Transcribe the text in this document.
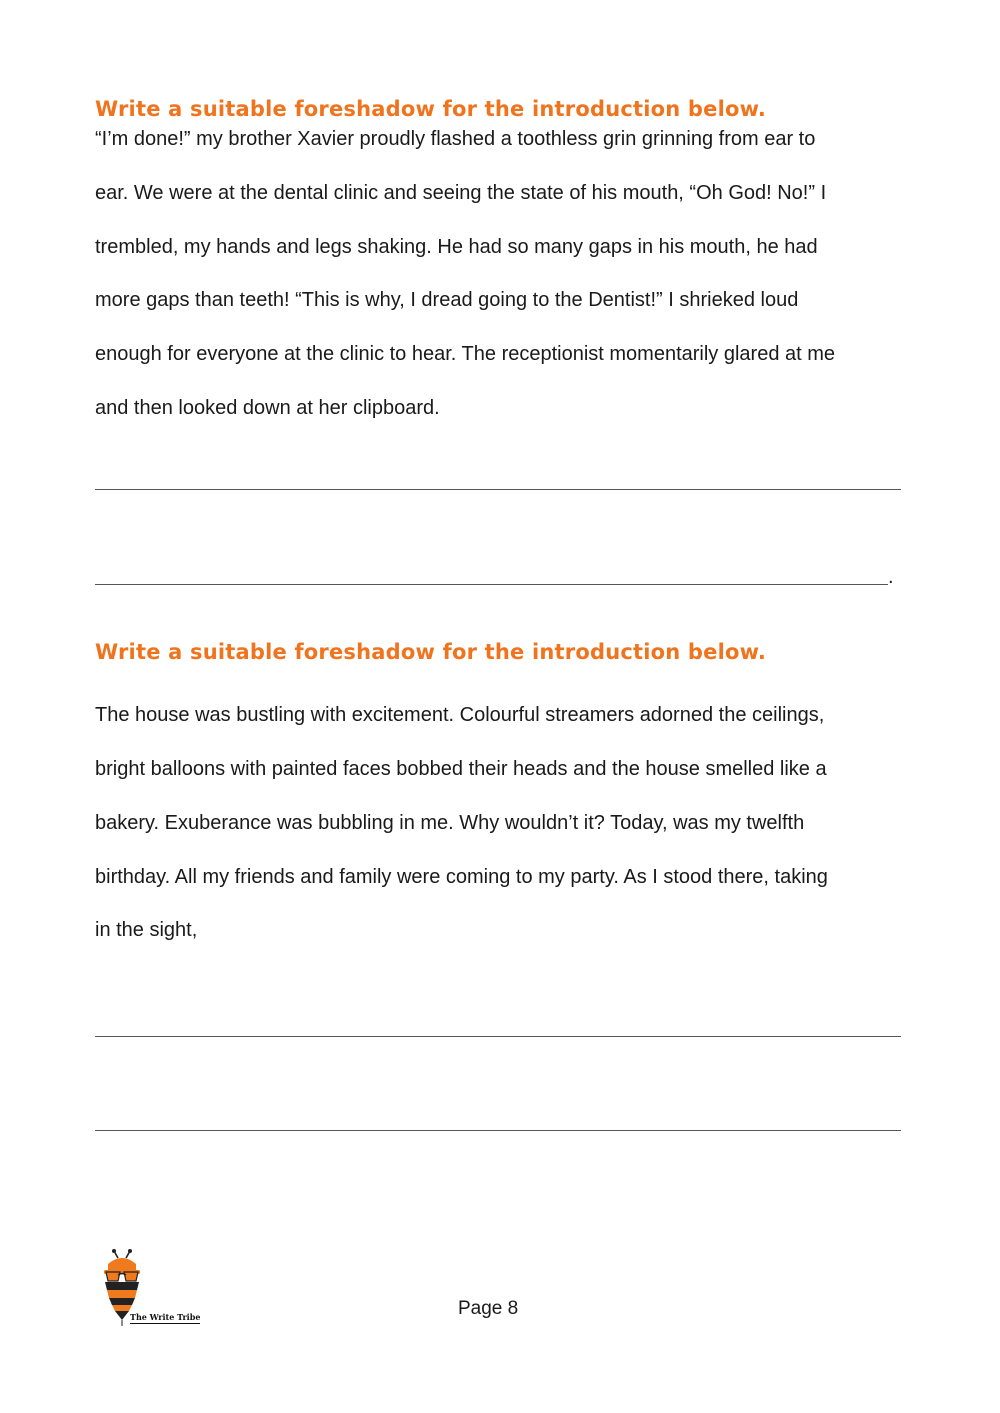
Write a suitable foreshadow for the introduction below.
“I’m done!” my brother Xavier proudly flashed a toothless grin grinning from ear to
ear. We were at the dental clinic and seeing the state of his mouth, “Oh God! No!” I
trembled, my hands and legs shaking. He had so many gaps in his mouth, he had
more gaps than teeth! “This is why, I dread going to the Dentist!” I shrieked loud
enough for everyone at the clinic to hear. The receptionist momentarily glared at me
and then looked down at her clipboard.
.
Write a suitable foreshadow for the introduction below.
The house was bustling with excitement. Colourful streamers adorned the ceilings,
bright balloons with painted faces bobbed their heads and the house smelled like a
bakery. Exuberance was bubbling in me. Why wouldn’t it? Today, was my twelfth
birthday. All my friends and family were coming to my party. As I stood there, taking
in the sight,
The Write Tribe	Page 8
